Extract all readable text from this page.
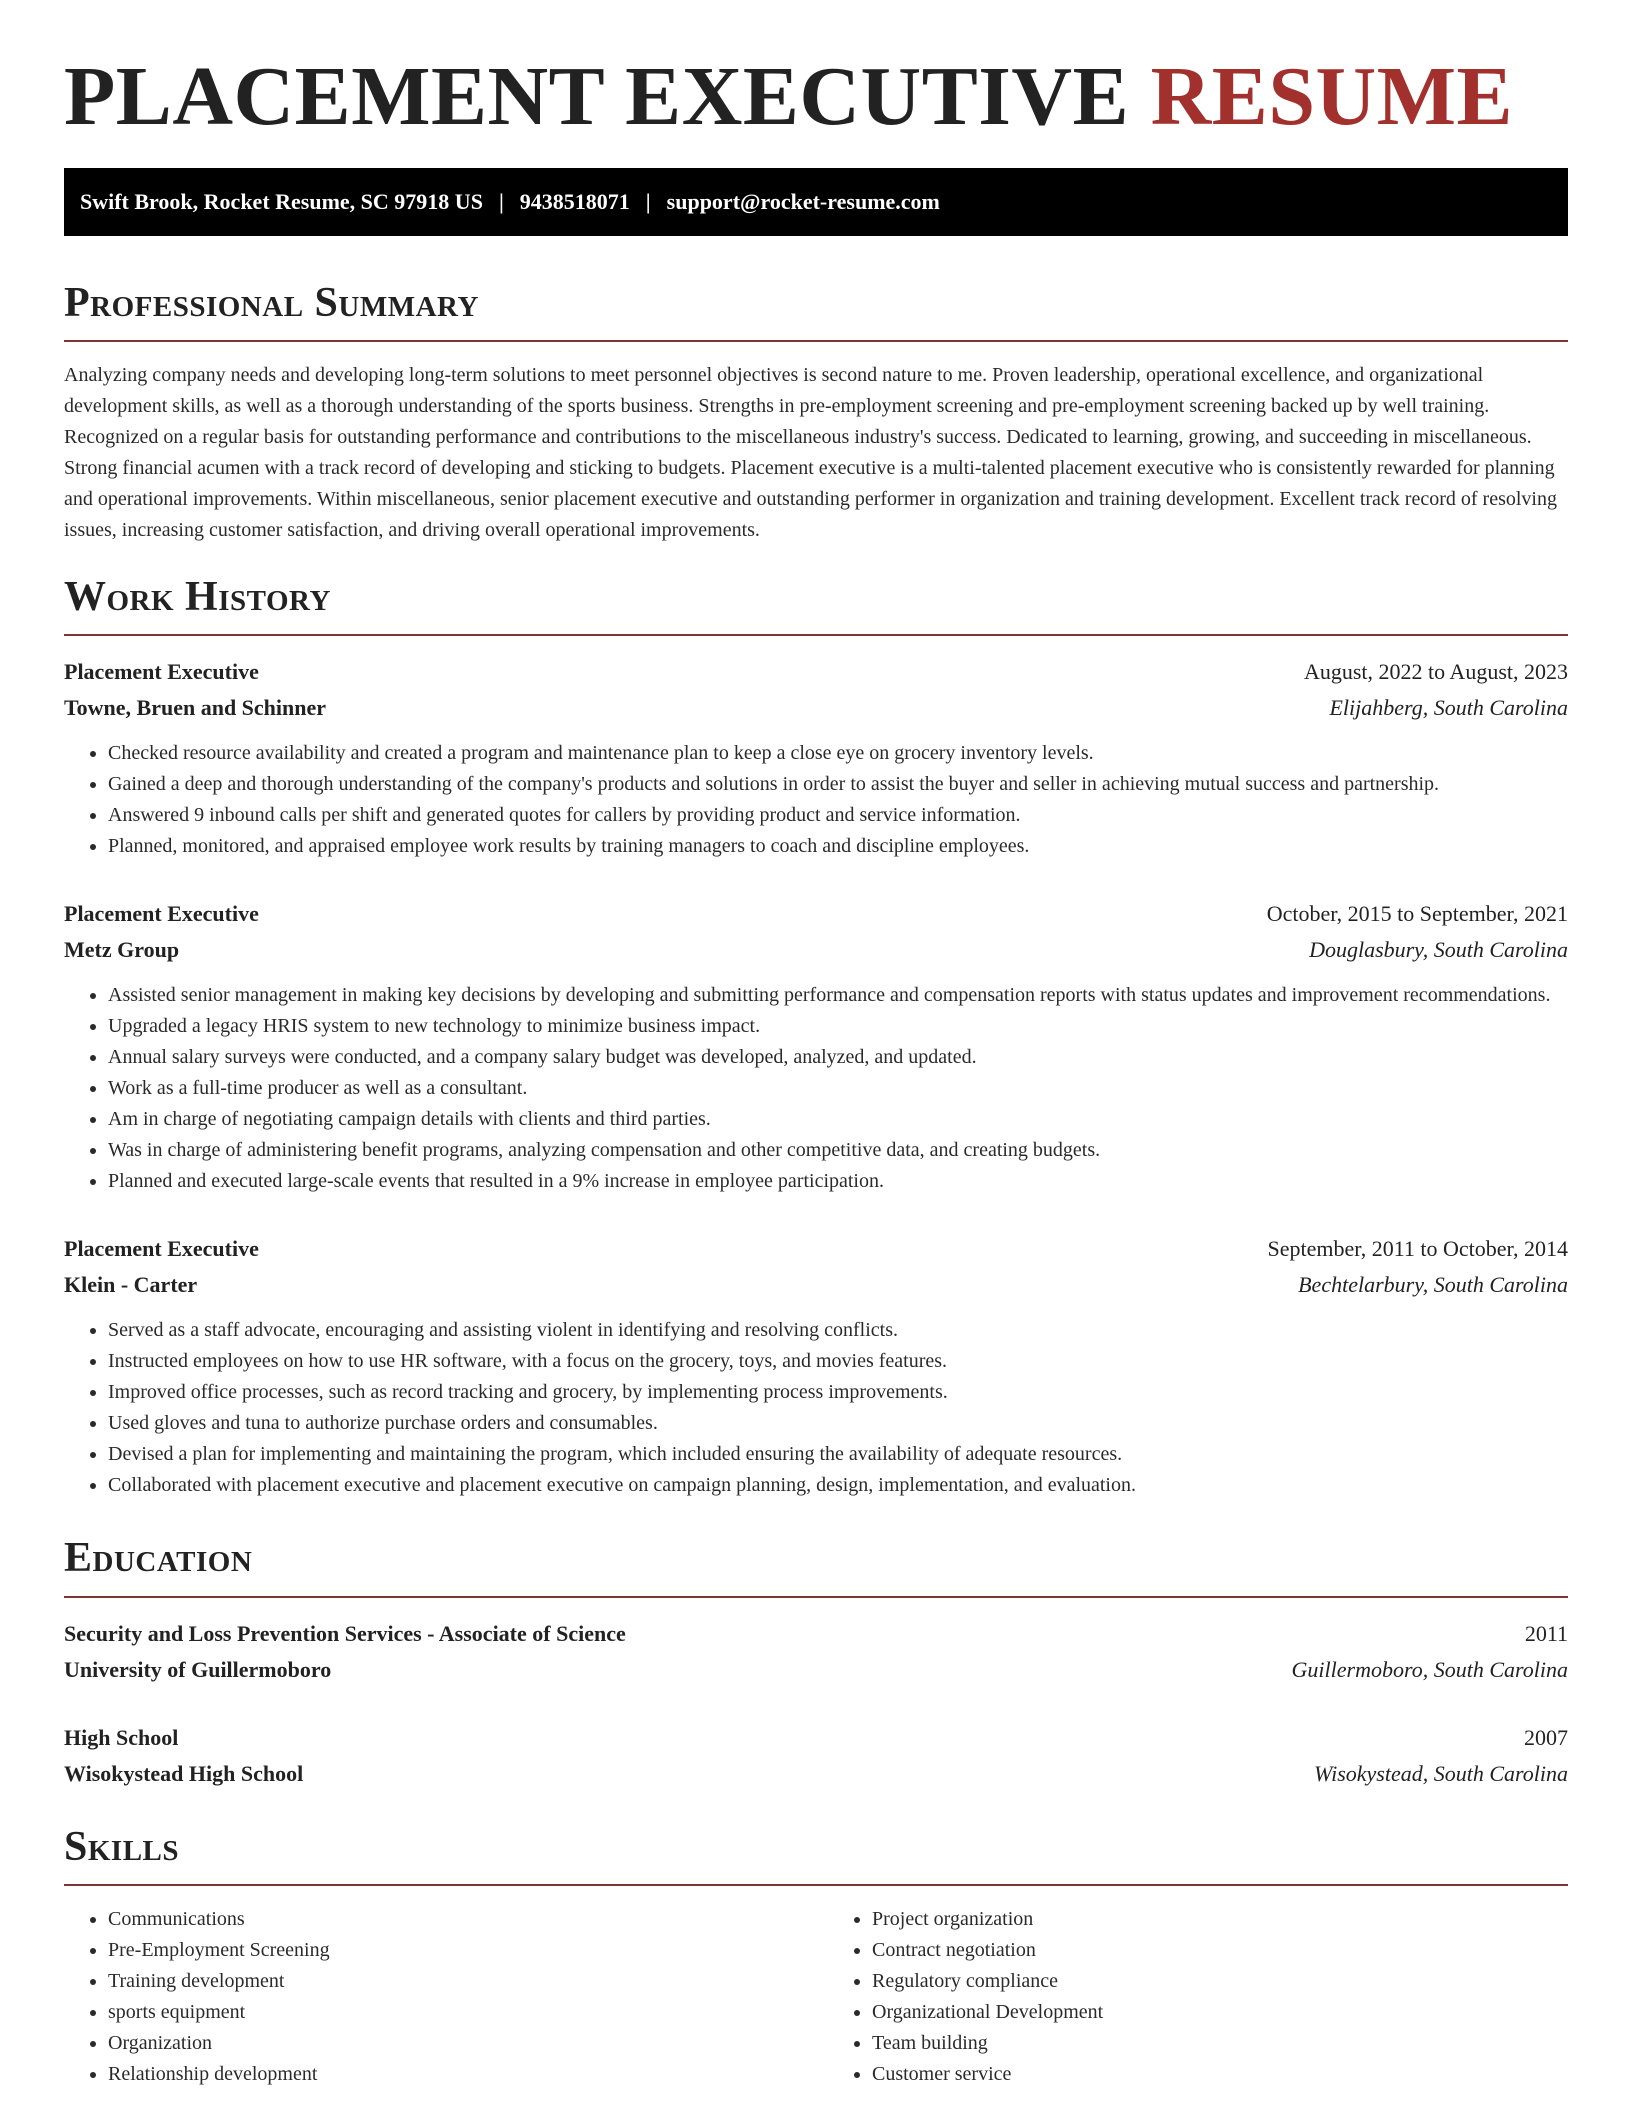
PLACEMENT EXECUTIVE RESUME
Swift Brook, Rocket Resume, SC 97918 US | 9438518071 | support@rocket-resume.com
Professional Summary

Analyzing company needs and developing long-term solutions to meet personnel objectives is second nature to me. Proven leadership, operational excellence, and organizational development skills, as well as a thorough understanding of the sports business. Strengths in pre-employment screening and pre-employment screening backed up by well training. Recognized on a regular basis for outstanding performance and contributions to the miscellaneous industry's success. Dedicated to learning, growing, and succeeding in miscellaneous. Strong financial acumen with a track record of developing and sticking to budgets. Placement executive is a multi-talented placement executive who is consistently rewarded for planning and operational improvements. Within miscellaneous, senior placement executive and outstanding performer in organization and training development. Excellent track record of resolving issues, increasing customer satisfaction, and driving overall operational improvements.

Work History
Placement Executive	August, 2022 to August, 2023
Towne, Bruen and Schinner	Elijahberg, South Carolina
• Checked resource availability and created a program and maintenance plan to keep a close eye on grocery inventory levels.
• Gained a deep and thorough understanding of the company's products and solutions in order to assist the buyer and seller in achieving mutual success and partnership.
• Answered 9 inbound calls per shift and generated quotes for callers by providing product and service information.
• Planned, monitored, and appraised employee work results by training managers to coach and discipline employees.
Placement Executive	October, 2015 to September, 2021
Metz Group	Douglasbury, South Carolina
• Assisted senior management in making key decisions by developing and submitting performance and compensation reports with status updates and improvement recommendations.
• Upgraded a legacy HRIS system to new technology to minimize business impact.
• Annual salary surveys were conducted, and a company salary budget was developed, analyzed, and updated.
• Work as a full-time producer as well as a consultant.
• Am in charge of negotiating campaign details with clients and third parties.
• Was in charge of administering benefit programs, analyzing compensation and other competitive data, and creating budgets.
• Planned and executed large-scale events that resulted in a 9% increase in employee participation.
Placement Executive	September, 2011 to October, 2014
Klein - Carter	Bechtelarbury, South Carolina
• Served as a staff advocate, encouraging and assisting violent in identifying and resolving conflicts.
• Instructed employees on how to use HR software, with a focus on the grocery, toys, and movies features.
• Improved office processes, such as record tracking and grocery, by implementing process improvements.
• Used gloves and tuna to authorize purchase orders and consumables.
• Devised a plan for implementing and maintaining the program, which included ensuring the availability of adequate resources.
• Collaborated with placement executive and placement executive on campaign planning, design, implementation, and evaluation.
Education
Security and Loss Prevention Services - Associate of Science	2011
University of Guillermoboro	Guillermoboro, South Carolina
High School	2007
Wisokystead High School	Wisokystead, South Carolina
Skills
• Communications
• Pre-Employment Screening
• Training development
• sports equipment
• Organization
• Relationship development
• Project organization
• Contract negotiation
• Regulatory compliance
• Organizational Development
• Team building
• Customer service
